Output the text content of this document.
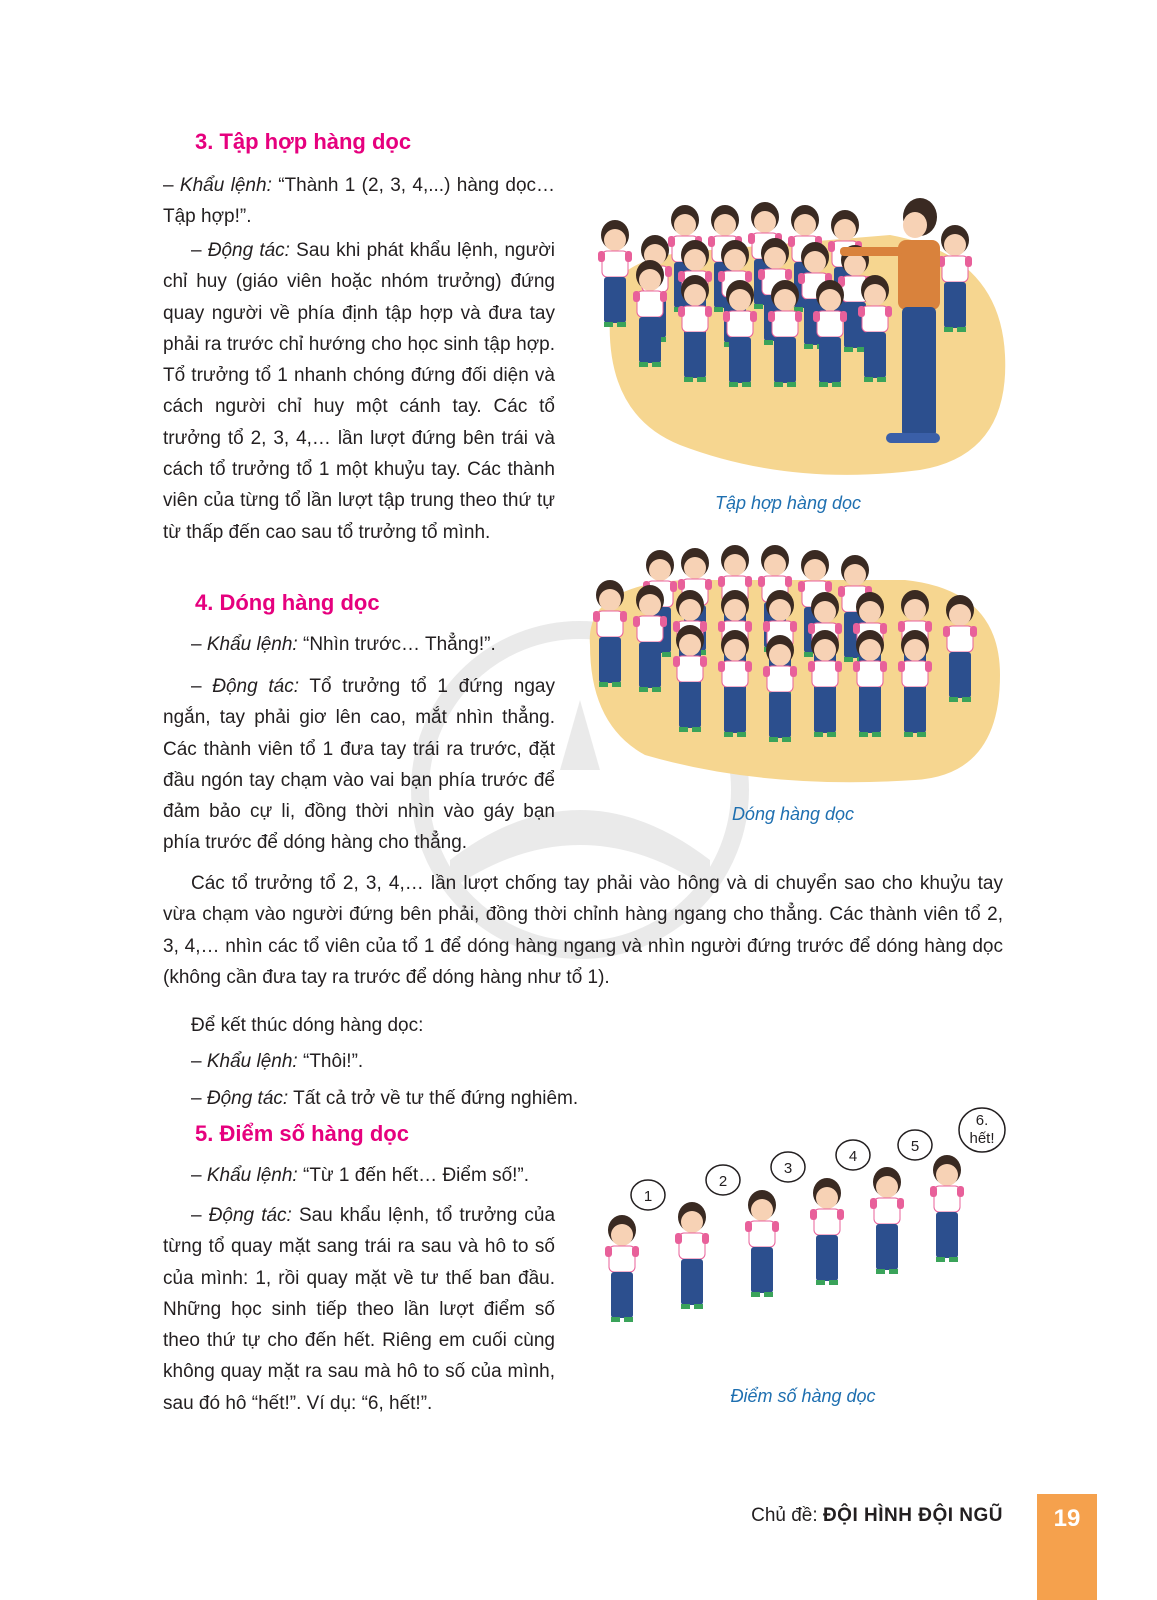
3. Tập hợp hàng dọc
– Khẩu lệnh: “Thành 1 (2, 3, 4,...) hàng dọc… Tập hợp!”.
– Động tác: Sau khi phát khẩu lệnh, người chỉ huy (giáo viên hoặc nhóm trưởng) đứng quay người về phía định tập hợp và đưa tay phải ra trước chỉ hướng cho học sinh tập hợp. Tổ trưởng tổ 1 nhanh chóng đứng đối diện và cách người chỉ huy một cánh tay. Các tổ trưởng tổ 2, 3, 4,… lần lượt đứng bên trái và cách tổ trưởng tổ 1 một khuỷu tay. Các thành viên của từng tổ lần lượt tập trung theo thứ tự từ thấp đến cao sau tổ trưởng tổ mình.
Tập hợp hàng dọc
4. Dóng hàng dọc
– Khẩu lệnh: “Nhìn trước… Thẳng!”.
– Động tác: Tổ trưởng tổ 1 đứng ngay ngắn, tay phải giơ lên cao, mắt nhìn thẳng. Các thành viên tổ 1 đưa tay trái ra trước, đặt đầu ngón tay chạm vào vai bạn phía trước để đảm bảo cự li, đồng thời nhìn vào gáy bạn phía trước để dóng hàng cho thẳng.
Dóng hàng dọc
Các tổ trưởng tổ 2, 3, 4,… lần lượt chống tay phải vào hông và di chuyển sao cho khuỷu tay vừa chạm vào người đứng bên phải, đồng thời chỉnh hàng ngang cho thẳng. Các thành viên tổ 2, 3, 4,… nhìn các tổ viên của tổ 1 để dóng hàng ngang và nhìn người đứng trước để dóng hàng dọc (không cần đưa tay ra trước để dóng hàng như tổ 1).
Để kết thúc dóng hàng dọc:
– Khẩu lệnh: “Thôi!”.
– Động tác: Tất cả trở về tư thế đứng nghiêm.
5. Điểm số hàng dọc
– Khẩu lệnh: “Từ 1 đến hết… Điểm số!”.
– Động tác: Sau khẩu lệnh, tổ trưởng của từng tổ quay mặt sang trái ra sau và hô to số của mình: 1, rồi quay mặt về tư thế ban đầu. Những học sinh tiếp theo lần lượt điểm số theo thứ tự cho đến hết. Riêng em cuối cùng không quay mặt ra sau mà hô to số của mình, sau đó hô “hết!”. Ví dụ: “6, hết!”.
1
2
3
4
5
6.
hết!
Điểm số hàng dọc
Chủ đề: ĐỘI HÌNH ĐỘI NGŨ	19
